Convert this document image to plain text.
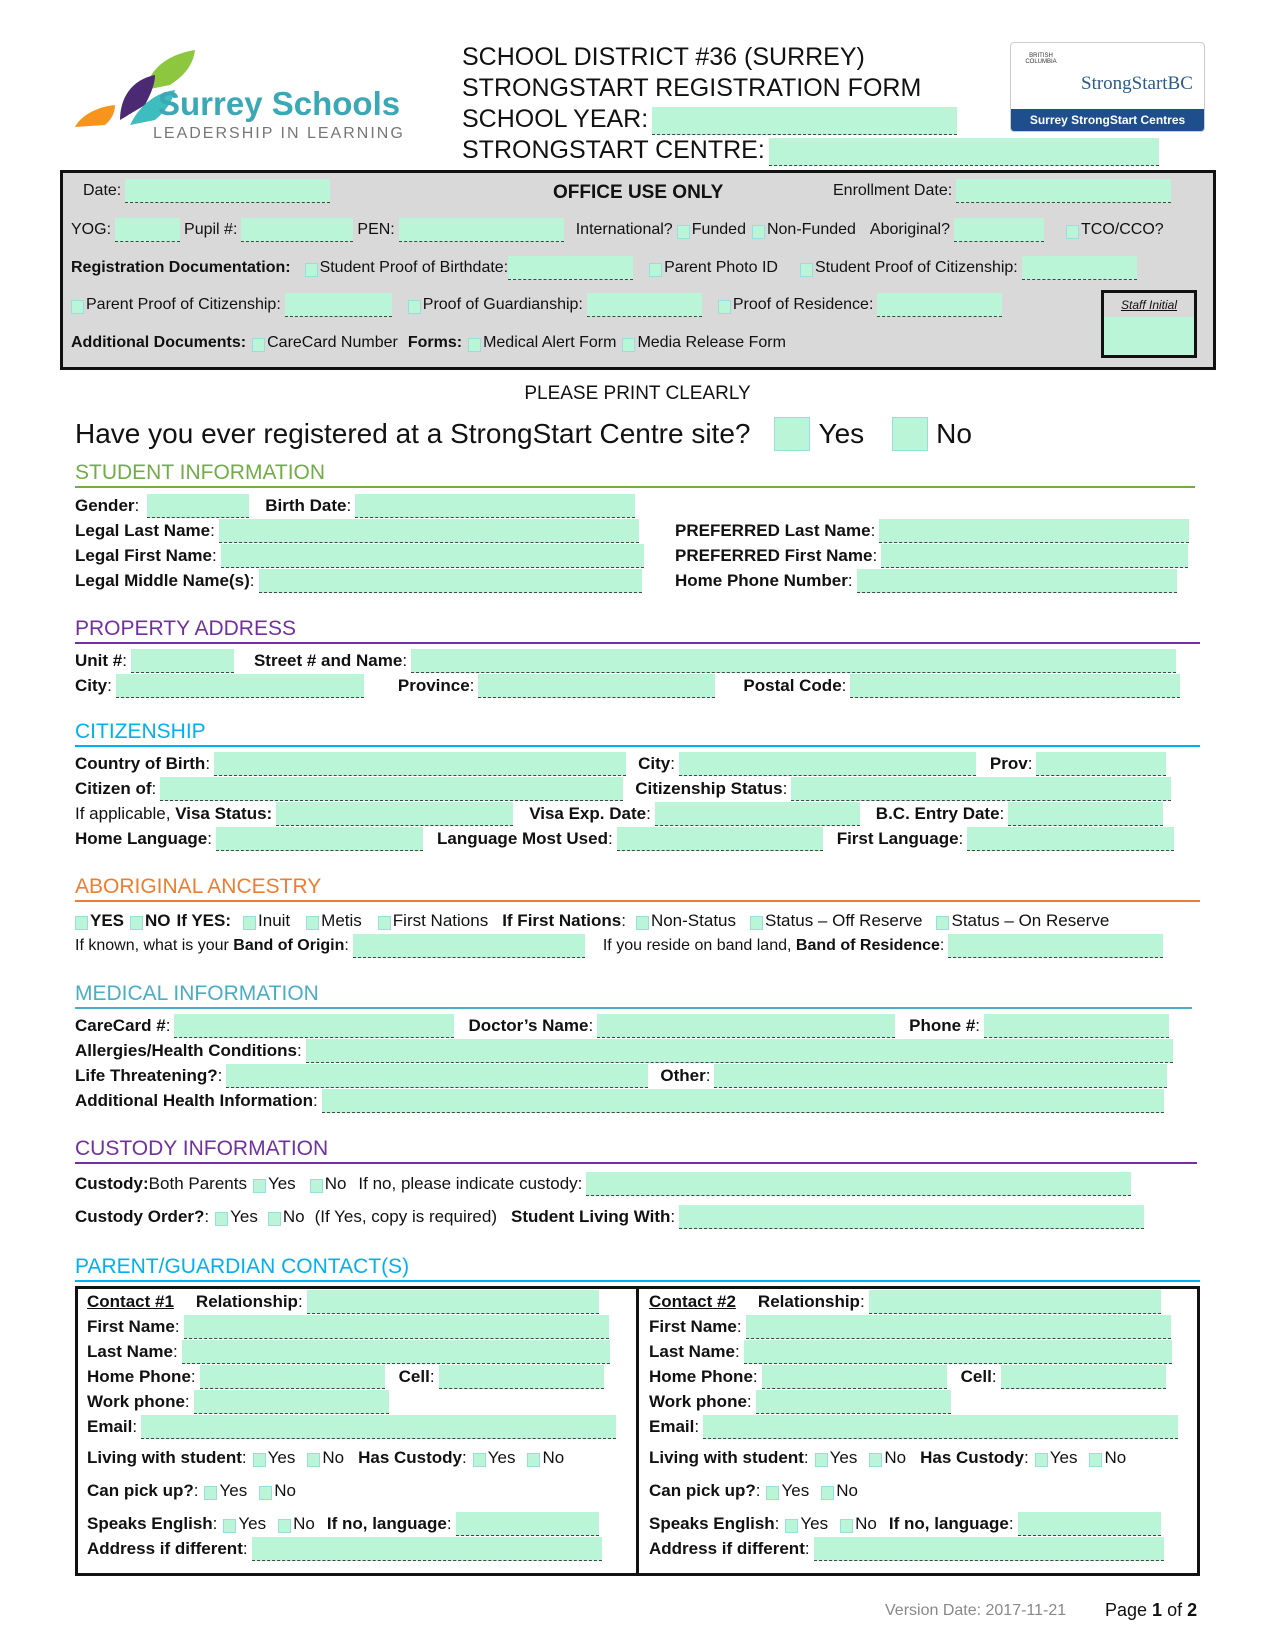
Surrey Schools
LEADERSHIP IN LEARNING
SCHOOL DISTRICT #36 (SURREY)
STRONGSTART REGISTRATION FORM
SCHOOL YEAR:
STRONGSTART CENTRE:
BRITISH COLUMBIA
StrongStartBC
Surrey StrongStart Centres
Date:	OFFICE USE ONLY	Enrollment Date:
YOG:	Pupil #:	PEN:	International? Funded Non-Funded Aboriginal?	TCO/CCO?
Registration Documentation: Student Proof of Birthdate:	Parent Photo ID Student Proof of Citizenship:
Parent Proof of Citizenship:	Proof of Guardianship:	Proof of Residence:	Staff Initial
Additional Documents: CareCard Number Forms: Medical Alert Form Media Release Form
PLEASE PRINT CLEARLY
Have you ever registered at a StrongStart Centre site? Yes	No
STUDENT INFORMATION
Gender :	Birth Date :
Legal Last Name :
Legal First Name :
Legal Middle Name(s) :
PREFERRED Last Name :
PREFERRED First Name :
Home Phone Number :
PROPERTY ADDRESS
Unit # :	Street # and Name :
City :	Province :	Postal Code :
CITIZENSHIP
Country of Birth :	City :	Prov :
Citizen of :	Citizenship Status :
If applicable,
Visa Status:	Visa Exp. Date :	B.C. Entry Date :
Home Language :	Language Most Used :	First Language :
ABORIGINAL ANCESTRY
YES NO If YES: Inuit Metis First Nations If First Nations : Non-Status Status – Off Reserve Status – On Reserve
If known, what is your
Band of Origin :	If you reside on band land,
Band of Residence :
MEDICAL INFORMATION
CareCard # :	Doctor’s Name :	Phone # :
Allergies/Health Conditions :
Life Threatening? :	Other :
Additional Health Information :
CUSTODY INFORMATION
Custody: Both Parents Yes No If no, please indicate custody:
Custody Order? : Yes No (If Yes, copy is required) Student Living With :
PARENT/GUARDIAN CONTACT(S)
Contact #1 Relationship :
First Name :
Last Name :
Home Phone :	Cell :
Work phone :
Email :
Living with student : Yes No Has Custody : Yes No
Can pick up? : Yes No
Speaks English : Yes No If no, language :
Address if different :
Contact #2 Relationship :
First Name :
Last Name :
Home Phone :	Cell :
Work phone :
Email :
Living with student : Yes No Has Custody : Yes No
Can pick up? : Yes No
Speaks English : Yes No If no, language :
Address if different :
Version Date: 2017-11-21 Page 1 of 2
